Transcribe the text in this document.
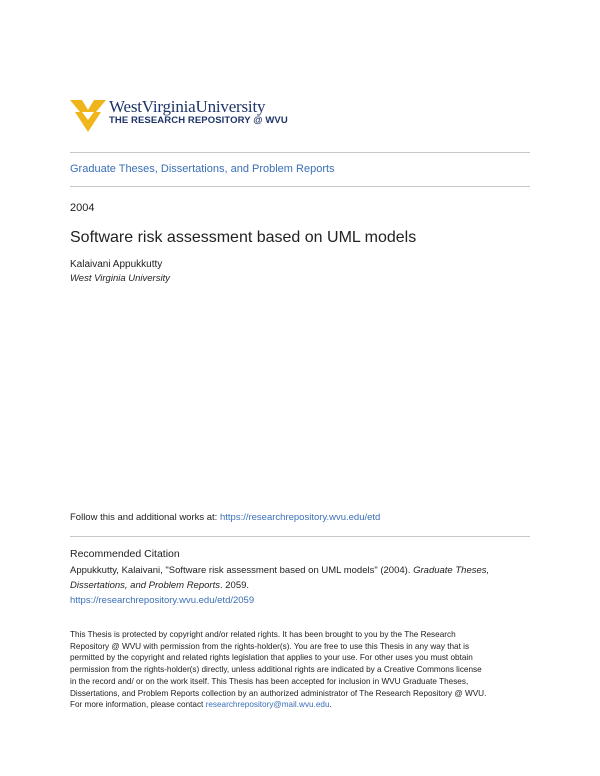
WestVirginiaUniversity
THE RESEARCH REPOSITORY @ WVU
Graduate Theses, Dissertations, and Problem Reports
2004
Software risk assessment based on UML models
Kalaivani Appukkutty
West Virginia University
Follow this and additional works at: https://researchrepository.wvu.edu/etd
Recommended Citation
Appukkutty, Kalaivani, "Software risk assessment based on UML models" (2004). Graduate Theses, Dissertations, and Problem Reports. 2059.
https://researchrepository.wvu.edu/etd/2059
This Thesis is protected by copyright and/or related rights. It has been brought to you by the The Research
Repository @ WVU with permission from the rights-holder(s). You are free to use this Thesis in any way that is
permitted by the copyright and related rights legislation that applies to your use. For other uses you must obtain
permission from the rights-holder(s) directly, unless additional rights are indicated by a Creative Commons license
in the record and/ or on the work itself. This Thesis has been accepted for inclusion in WVU Graduate Theses,
Dissertations, and Problem Reports collection by an authorized administrator of The Research Repository @ WVU.
For more information, please contact researchrepository@mail.wvu.edu.
